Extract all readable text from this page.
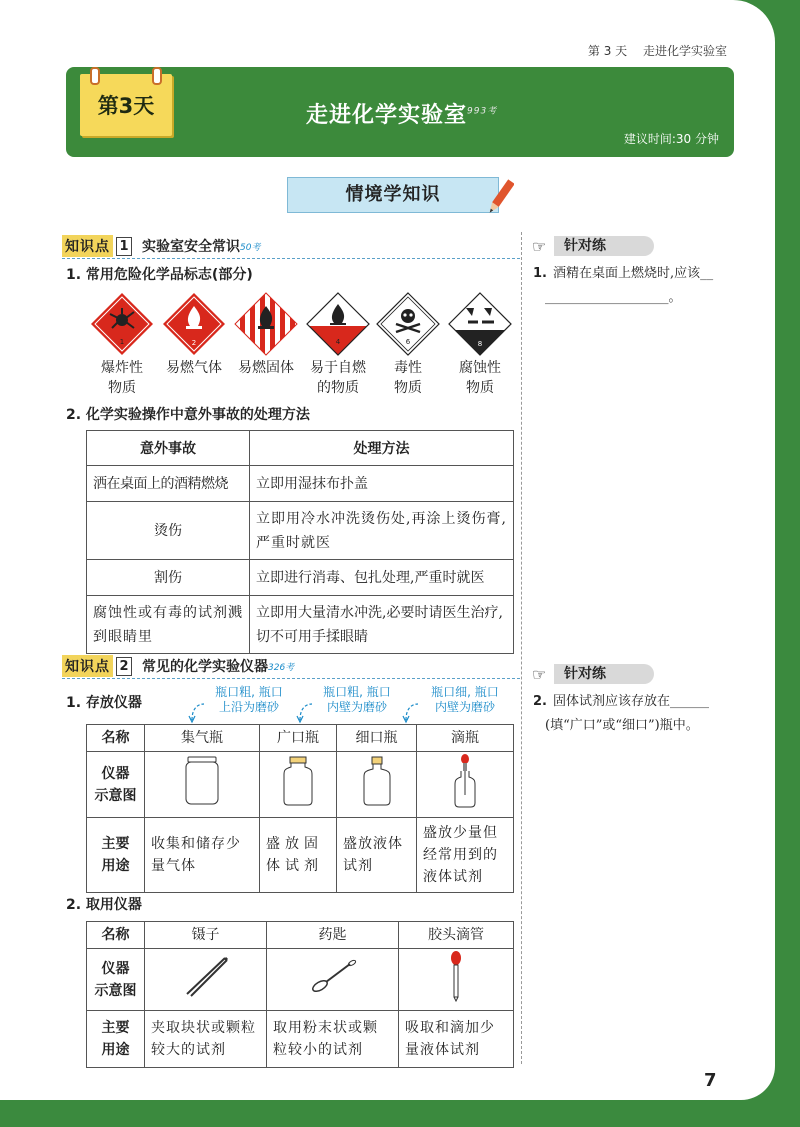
第 3 天 走进化学实验室
第3天	走进化学实验室$^{993考}$
建议时间:30 分钟
情境学知识
知识点 1 实验室安全常识 50考
1. 常用危险化学品标志(部分)
1	2	4	6	8
爆炸性
物质
易燃气体	易燃固体	易于自燃
的物质
毒性
物质
腐蚀性
物质
2. 化学实验操作中意外事故的处理方法
意外事故	处理方法
洒在桌面上的酒精燃烧	立即用湿抹布扑盖
烫伤	立即用冷水冲洗烫伤处,再涂上烫伤膏,严重时就医
割伤	立即进行消毒、包扎处理,严重时就医
腐蚀性或有毒的试剂溅到眼睛里	立即用大量清水冲洗,必要时请医生治疗,切不可用手揉眼睛
知识点 2 常见的化学实验仪器 326考
1. 存放仪器
瓶口粗, 瓶口
上沿为磨砂
瓶口粗, 瓶口
内壁为磨砂
瓶口细, 瓶口
内壁为磨砂
名称	集气瓶	广口瓶	细口瓶	滴瓶
仪器
示意图				
主要
用途	收集和储存少量气体	盛放固体试剂	盛放液体试剂	盛放少量但经常用到的液体试剂
2. 取用仪器
名称	镊子	药匙	胶头滴管
仪器
示意图			
主要
用途	夹取块状或颗粒较大的试剂	取用粉末状或颗粒较小的试剂	吸取和滴加少量液体试剂
☞	针对练
1. 酒精在桌面上燃烧时,应该__
___________________。
☞	针对练
2. 固体试剂应该存放在______
(填“广口”或“细口”)瓶中。
7
